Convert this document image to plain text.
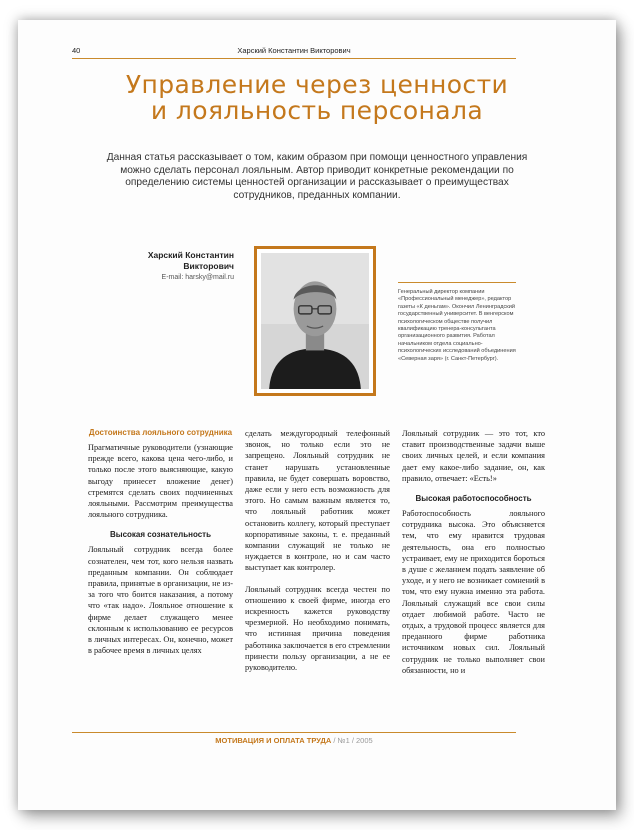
40	Харский Константин Викторович
Управление через ценности
и лояльность персонала
Данная статья рассказывает о том, каким образом при помощи ценностного управления можно сделать персонал лояльным. Автор приводит конкретные рекомендации по определению системы ценностей организации и рассказывает о преимуществах сотрудников, преданных компании.
Харский Константин Викторович
E-mail: harsky@mail.ru
Генеральный директор компании «Профессиональный менеджер», редактор газеты «К деньгам». Окончил Ленинградский государственный университет. В венгерском психологическом обществе получил квалификацию тренера-консультанта организационного развития. Работал начальником отдела социально-психологических исследований объединения «Северная заря» (г. Санкт-Петербург).
Достоинства лояльного сотрудника

Прагматичные руководители (узнающие прежде всего, какова цена чего-либо, и только после этого выясняющие, какую выгоду принесет вложение денег) стремятся сделать своих подчиненных лояльными. Рассмотрим преимущества лояльного сотрудника.

Высокая сознательность

Лояльный сотрудник всегда более сознателен, чем тот, кого нельзя назвать преданным компании. Он соблюдает правила, принятые в организации, не из-за того что боится наказания, а потому что «так надо». Лояльное отношение к фирме делает служащего менее склонным к использованию ее ресурсов в личных интересах. Он, конечно, может в рабочее время в личных целях

сделать междугородный телефонный звонок, но только если это не запрещено. Лояльный сотрудник не станет нарушать установленные правила, не будет совершать воровство, даже если у него есть возможность для этого. Но самым важным является то, что лояльный работник может остановить коллегу, который преступает корпоративные законы, т. е. преданный компании служащий не только не нуждается в контроле, но и сам часто выступает как контролер.

Лояльный сотрудник всегда честен по отношению к своей фирме, иногда его искренность кажется руководству чрезмерной. Но необходимо понимать, что истинная причина поведения работника заключается в его стремлении принести пользу организации, а не ее руководителю.

Лояльный сотрудник — это тот, кто ставит производственные задачи выше своих личных целей, и если компания дает ему какое-либо задание, он, как правило, отвечает: «Есть!»

Высокая работоспособность

Работоспособность лояльного сотрудника высока. Это объясняется тем, что ему нравится трудовая деятельность, она его полностью устраивает, ему не приходится бороться в душе с желанием подать заявление об уходе, и у него не возникает сомнений в том, что ему нужна именно эта работа. Лояльный служащий все свои силы отдает любимой работе. Часто не отдых, а трудовой процесс является для преданного фирме работника источником новых сил. Лояльный сотрудник не только выполняет свои обязанности, но и

МОТИВАЦИЯ И ОПЛАТА ТРУДА / №1 / 2005
